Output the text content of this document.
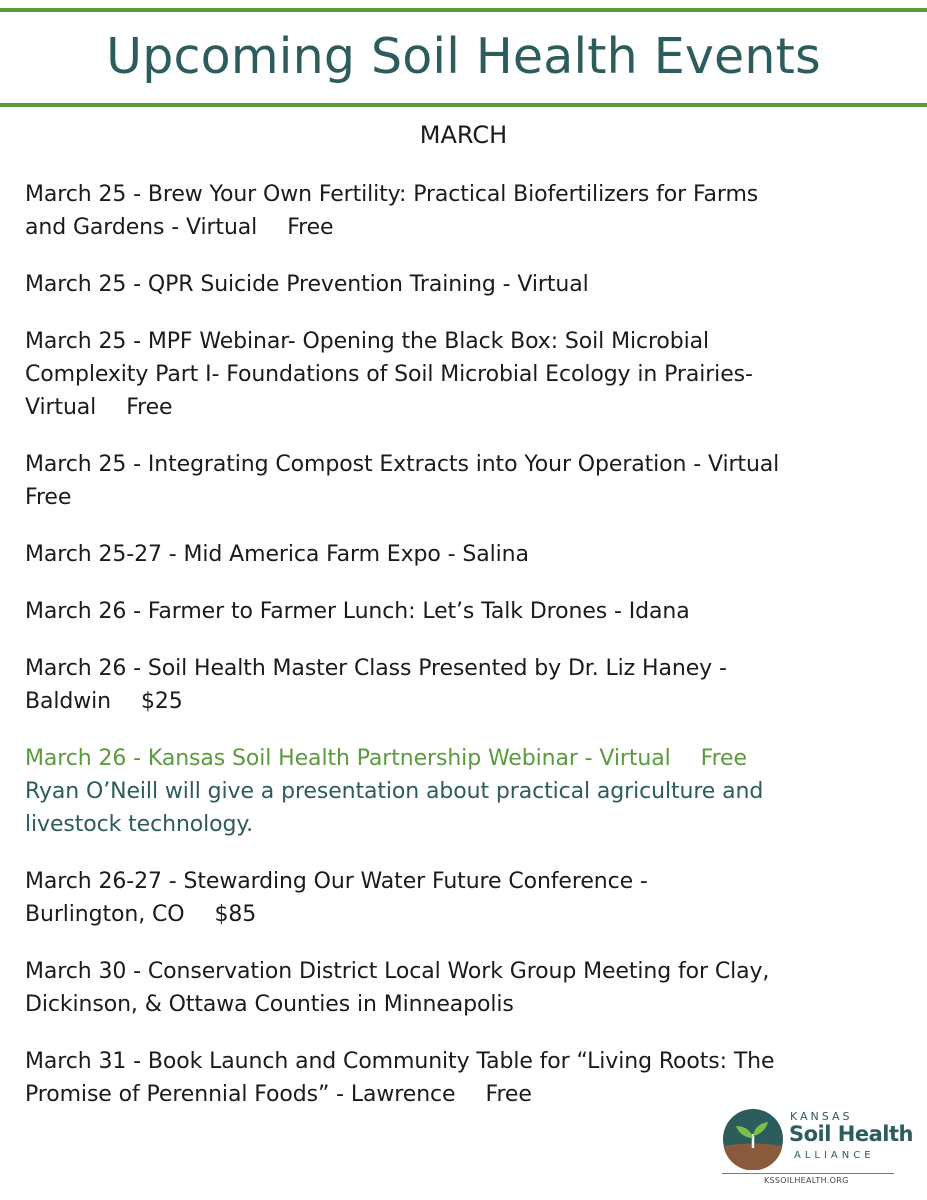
Upcoming Soil Health Events
MARCH
March 25 - Brew Your Own Fertility: Practical Biofertilizers for Farms
and Gardens - Virtual Free
March 25 - QPR Suicide Prevention Training - Virtual
March 25 - MPF Webinar- Opening the Black Box: Soil Microbial
Complexity Part I- Foundations of Soil Microbial Ecology in Prairies-
Virtual Free
March 25 - Integrating Compost Extracts into Your Operation - Virtual
Free
March 25-27 - Mid America Farm Expo - Salina
March 26 - Farmer to Farmer Lunch: Let’s Talk Drones - Idana
March 26 - Soil Health Master Class Presented by Dr. Liz Haney -
Baldwin $25
March 26 - Kansas Soil Health Partnership Webinar - Virtual Free
Ryan O’Neill will give a presentation about practical agriculture and
livestock technology.
March 26-27 - Stewarding Our Water Future Conference -
Burlington, CO $85
March 30 - Conservation District Local Work Group Meeting for Clay,
Dickinson, & Ottawa Counties in Minneapolis
March 31 - Book Launch and Community Table for “Living Roots: The
Promise of Perennial Foods” - Lawrence Free
KANSAS
Soil Health
ALLIANCE
KSSOILHEALTH.ORG
